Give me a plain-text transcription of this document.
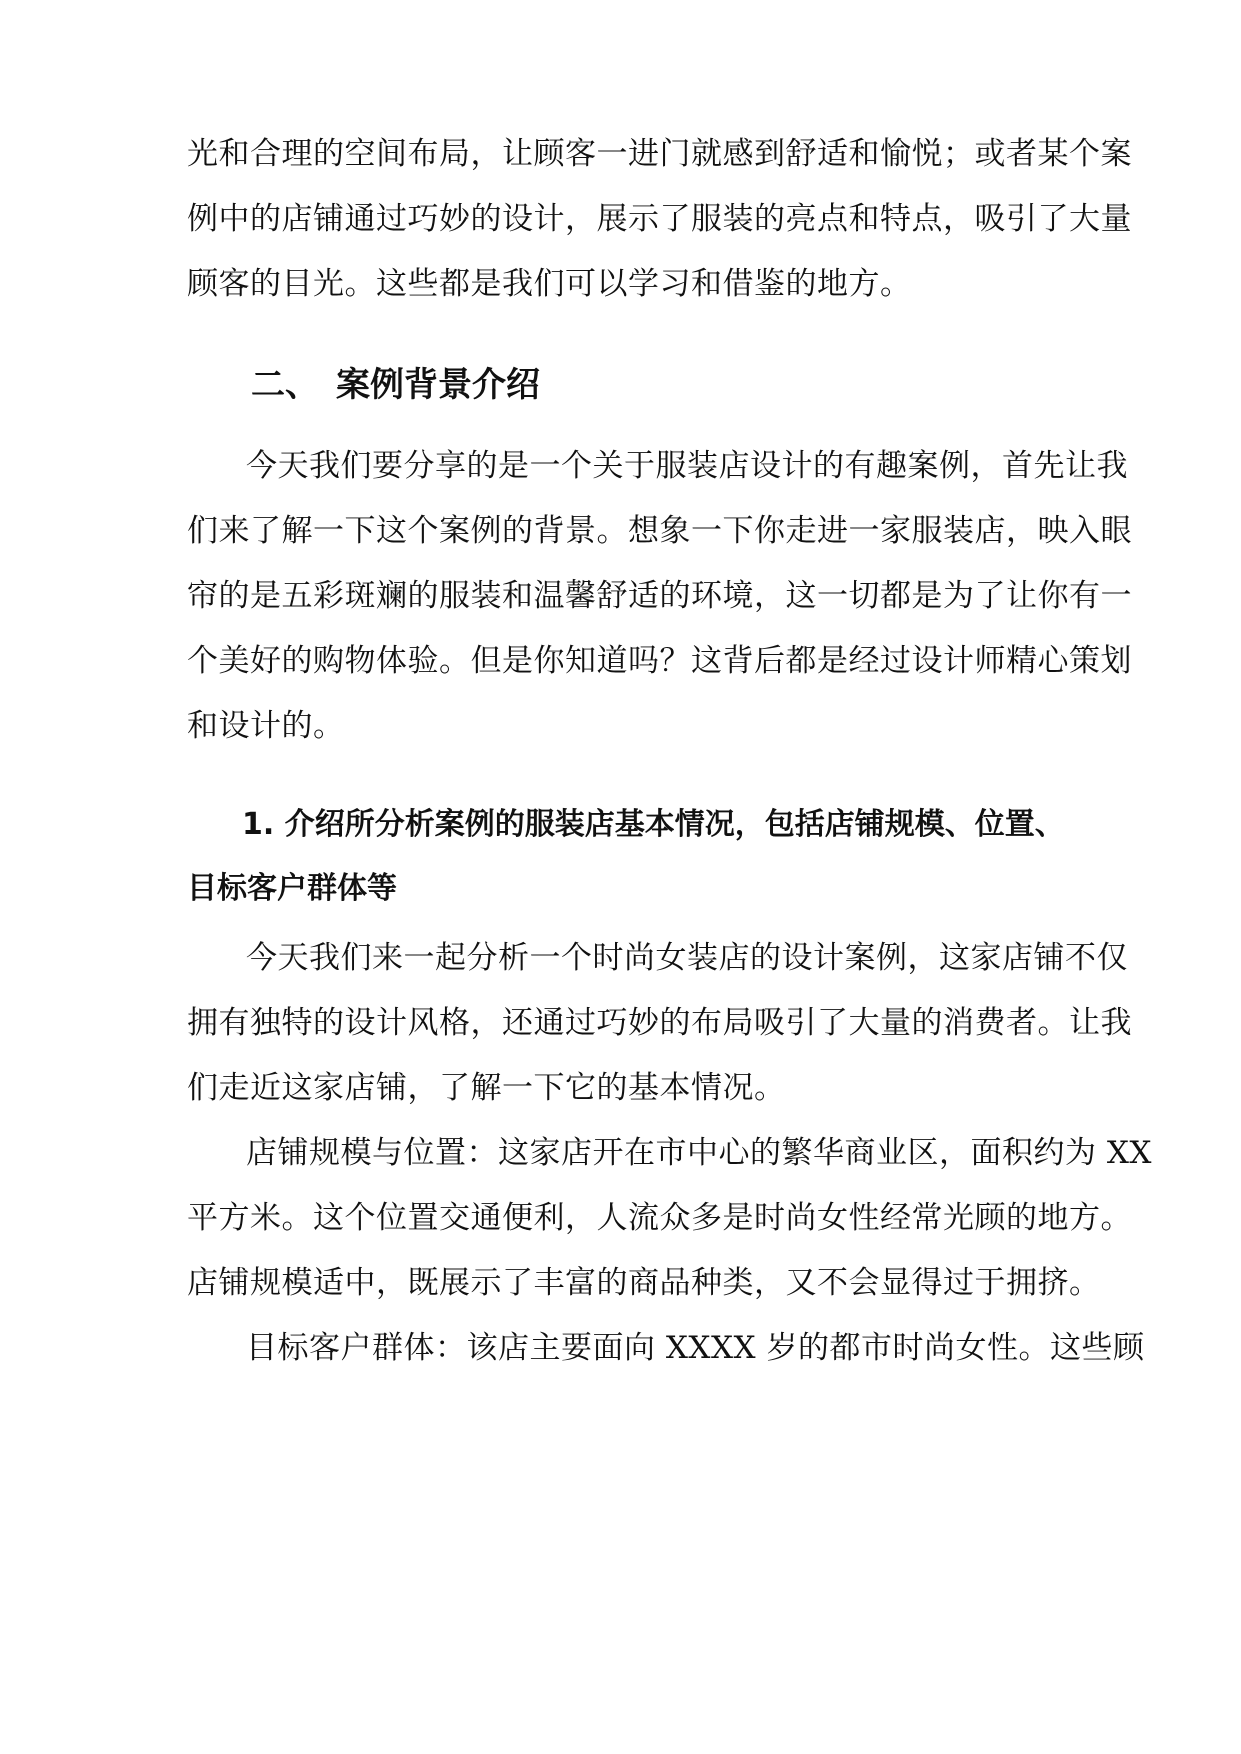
光和合理的空间布局，让顾客一进门就感到舒适和愉悦；或者某个案
例中的店铺通过巧妙的设计，展示了服装的亮点和特点，吸引了大量
顾客的目光。这些都是我们可以学习和借鉴的地方。
二、 案例背景介绍
今天我们要分享的是一个关于服装店设计的有趣案例，首先让我
们来了解一下这个案例的背景。想象一下你走进一家服装店，映入眼
帘的是五彩斑斓的服装和温馨舒适的环境，这一切都是为了让你有一
个美好的购物体验。但是你知道吗？这背后都是经过设计师精心策划
和设计的。
1. 介绍所分析案例的服装店基本情况，包括店铺规模、位置、
目标客户群体等
今天我们来一起分析一个时尚女装店的设计案例，这家店铺不仅
拥有独特的设计风格，还通过巧妙的布局吸引了大量的消费者。让我
们走近这家店铺，了解一下它的基本情况。
店铺规模与位置：这家店开在市中心的繁华商业区，面积约为 XX
平方米。这个位置交通便利，人流众多是时尚女性经常光顾的地方。
店铺规模适中，既展示了丰富的商品种类，又不会显得过于拥挤。
目标客户群体：该店主要面向 XXXX 岁的都市时尚女性。这些顾
